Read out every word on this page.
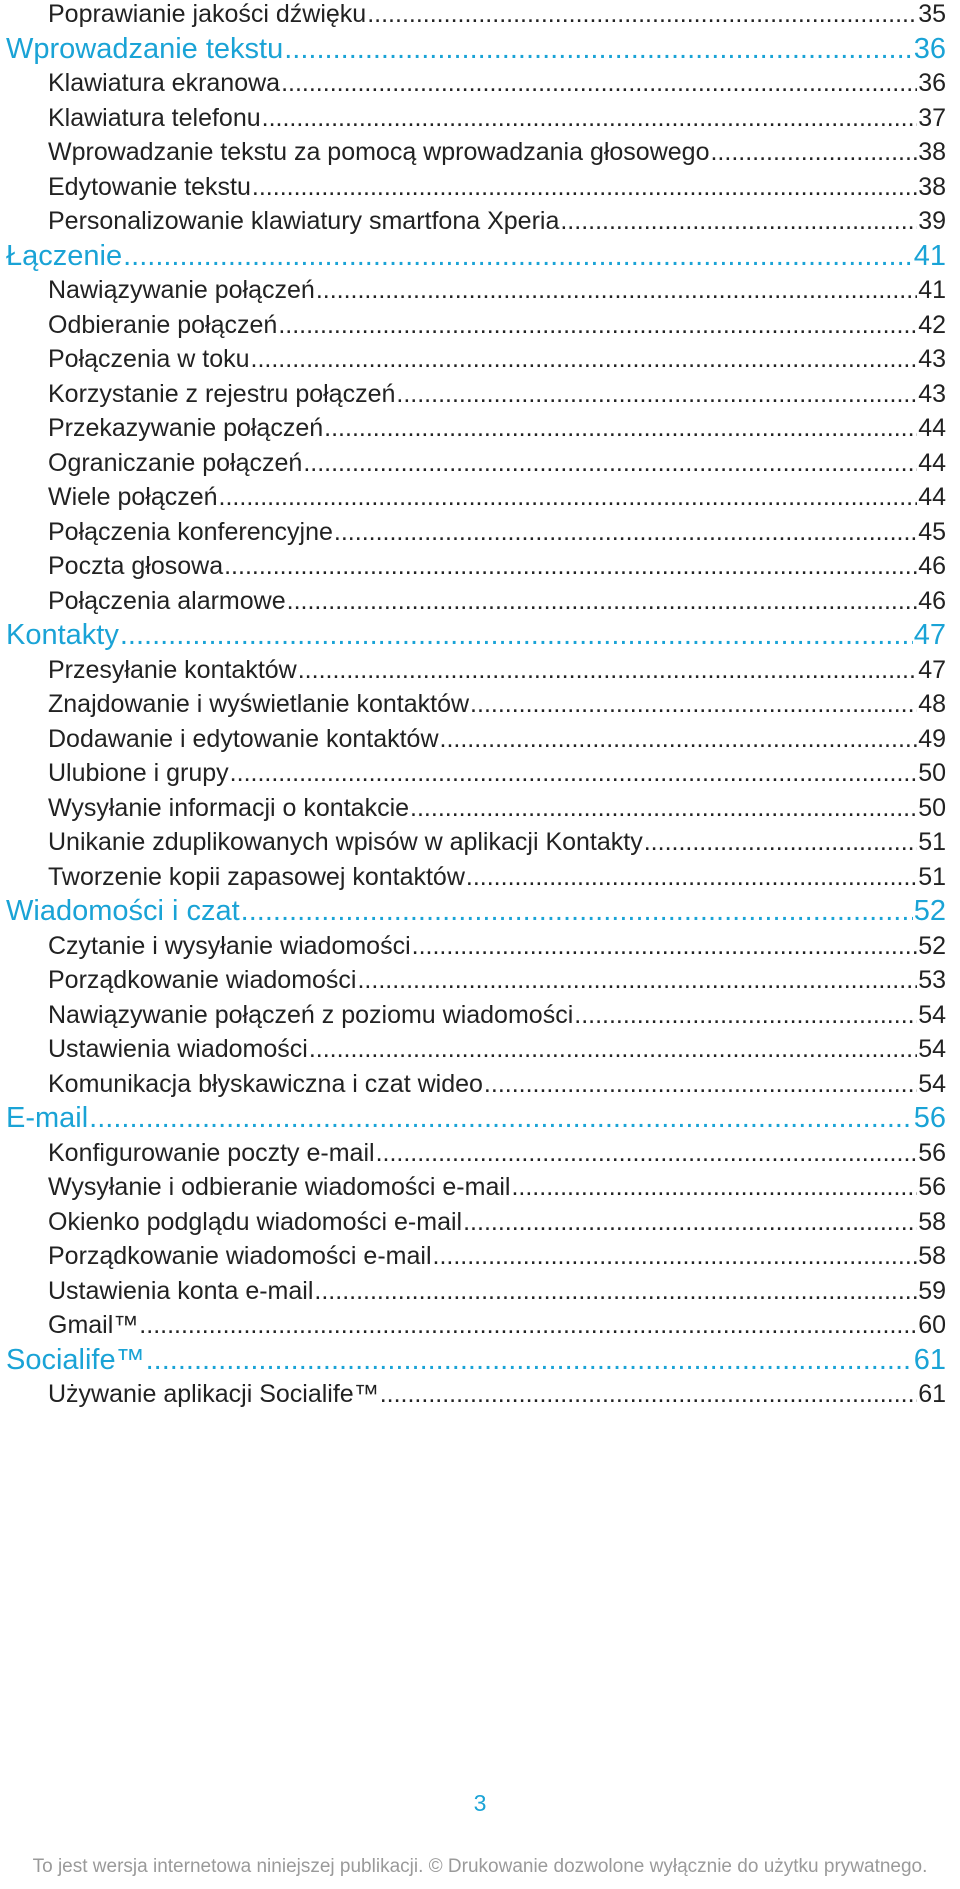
Poprawianie jakości dźwięku .....	35
Wprowadzanie tekstu .....	36
Klawiatura ekranowa .....	36
Klawiatura telefonu .....	37
Wprowadzanie tekstu za pomocą wprowadzania głosowego .....	38
Edytowanie tekstu .....	38
Personalizowanie klawiatury smartfona Xperia .....	39
Łączenie .....	41
Nawiązywanie połączeń .....	41
Odbieranie połączeń .....	42
Połączenia w toku .....	43
Korzystanie z rejestru połączeń .....	43
Przekazywanie połączeń .....	44
Ograniczanie połączeń .....	44
Wiele połączeń .....	44
Połączenia konferencyjne .....	45
Poczta głosowa .....	46
Połączenia alarmowe .....	46
Kontakty .....	47
Przesyłanie kontaktów .....	47
Znajdowanie i wyświetlanie kontaktów .....	48
Dodawanie i edytowanie kontaktów .....	49
Ulubione i grupy .....	50
Wysyłanie informacji o kontakcie .....	50
Unikanie zduplikowanych wpisów w aplikacji Kontakty .....	51
Tworzenie kopii zapasowej kontaktów .....	51
Wiadomości i czat .....	52
Czytanie i wysyłanie wiadomości .....	52
Porządkowanie wiadomości .....	53
Nawiązywanie połączeń z poziomu wiadomości .....	54
Ustawienia wiadomości .....	54
Komunikacja błyskawiczna i czat wideo .....	54
E-mail .....	56
Konfigurowanie poczty e-mail .....	56
Wysyłanie i odbieranie wiadomości e-mail .....	56
Okienko podglądu wiadomości e-mail .....	58
Porządkowanie wiadomości e-mail .....	58
Ustawienia konta e-mail .....	59
Gmail™ .....	60
Socialife™ .....	61
Używanie aplikacji Socialife™ .....	61
3
To jest wersja internetowa niniejszej publikacji. © Drukowanie dozwolone wyłącznie do użytku prywatnego.
